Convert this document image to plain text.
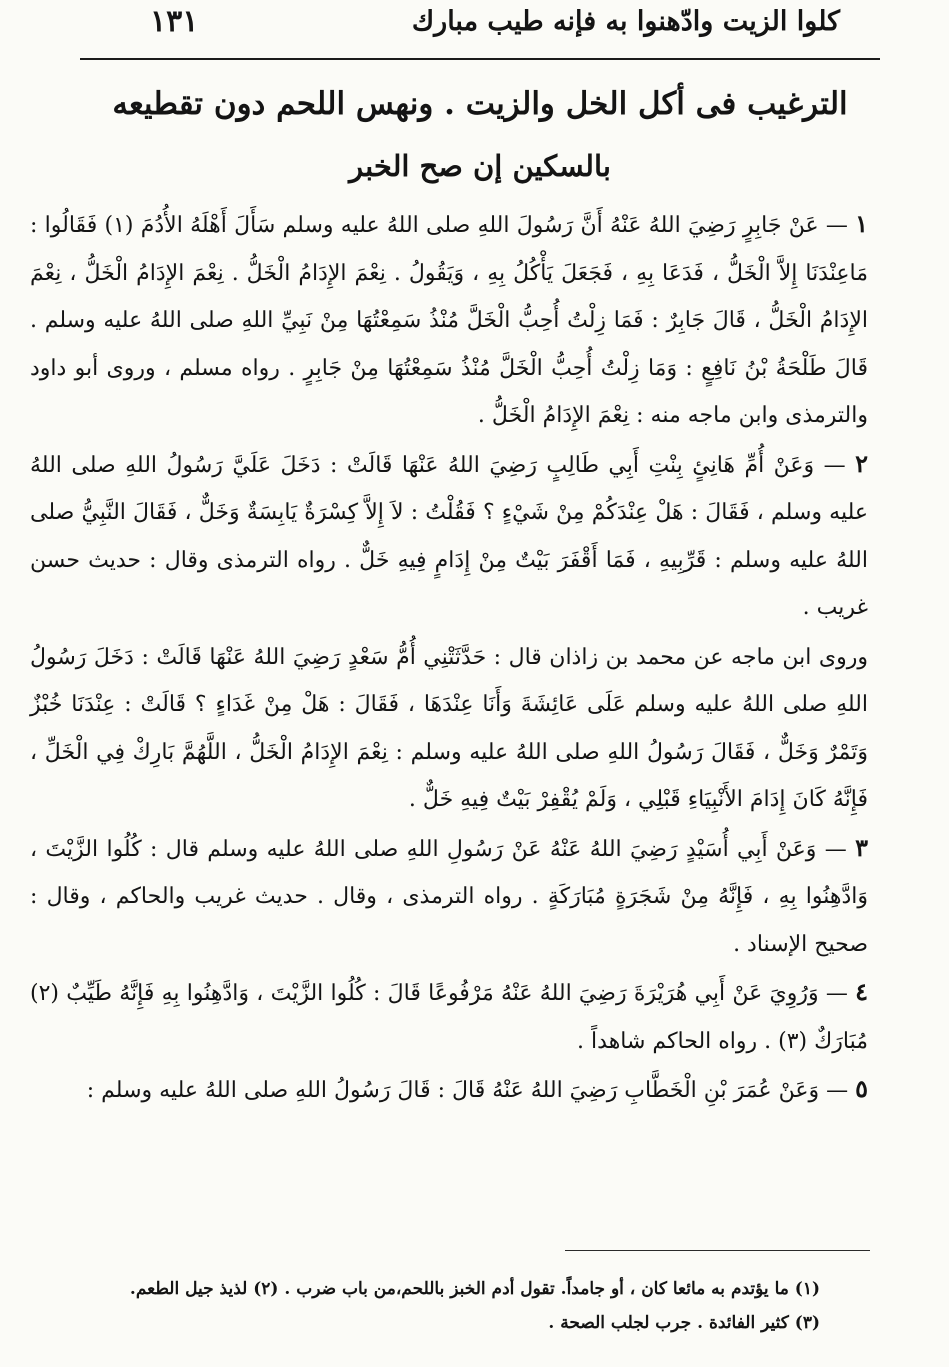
كلوا الزيت وادّهنوا به فإنه طيب مبارك
١٣١
الترغيب فى أكل الخل والزيت . ونهس اللحم دون تقطيعه
بالسكين إن صح الخبر

١ — عَنْ جَابِرٍ رَضِيَ اللهُ عَنْهُ أَنَّ رَسُولَ اللهِ صلى اللهُ عليه وسلم سَأَلَ أَهْلَهُ الأُدُمَ (١) فَقَالُوا : مَاعِنْدَنَا إِلاَّ الْخَلُّ ، فَدَعَا بِهِ ، فَجَعَلَ يَأْكُلُ بِهِ ، وَيَقُولُ . نِعْمَ الإِدَامُ الْخَلُّ . نِعْمَ الإِدَامُ الْخَلُّ ، نِعْمَ الإِدَامُ الْخَلُّ ، قَالَ جَابِرٌ : فَمَا زِلْتُ أُحِبُّ الْخَلَّ مُنْذُ سَمِعْتُهَا مِنْ نَبِيِّ اللهِ صلى اللهُ عليه وسلم . قَالَ طَلْحَةُ بْنُ نَافِعٍ : وَمَا زِلْتُ أُحِبُّ الْخَلَّ مُنْذُ سَمِعْتُهَا مِنْ جَابِرٍ . رواه مسلم ، وروى أبو داود والترمذى وابن ماجه منه : نِعْمَ الإِدَامُ الْخَلُّ .

٢ — وَعَنْ أُمِّ هَانِئٍ بِنْتِ أَبِي طَالِبٍ رَضِيَ اللهُ عَنْهَا قَالَتْ : دَخَلَ عَلَيَّ رَسُولُ اللهِ صلى اللهُ عليه وسلم ، فَقَالَ : هَلْ عِنْدَكُمْ مِنْ شَيْءٍ ؟ فَقُلْتُ : لاَ إِلاَّ كِسْرَةٌ يَابِسَةٌ وَخَلٌّ ، فَقَالَ النَّبِيُّ صلى اللهُ عليه وسلم : قَرِّبِيهِ ، فَمَا أَقْفَرَ بَيْتٌ مِنْ إِدَامٍ فِيهِ خَلٌّ . رواه الترمذى وقال : حديث حسن غريب .

وروى ابن ماجه عن محمد بن زاذان قال : حَدَّثَتْنِي أُمُّ سَعْدٍ رَضِيَ اللهُ عَنْهَا قَالَتْ : دَخَلَ رَسُولُ اللهِ صلى اللهُ عليه وسلم عَلَى عَائِشَةَ وَأَنَا عِنْدَهَا ، فَقَالَ : هَلْ مِنْ غَدَاءٍ ؟ قَالَتْ : عِنْدَنَا خُبْزٌ وَتَمْرٌ وَخَلٌّ ، فَقَالَ رَسُولُ اللهِ صلى اللهُ عليه وسلم : نِعْمَ الإِدَامُ الْخَلُّ ، اللَّهُمَّ بَارِكْ فِي الْخَلِّ ، فَإِنَّهُ كَانَ إِدَامَ الأَنْبِيَاءِ قَبْلِي ، وَلَمْ يُقْفِرْ بَيْتٌ فِيهِ خَلٌّ .

٣ — وَعَنْ أَبِي أُسَيْدٍ رَضِيَ اللهُ عَنْهُ عَنْ رَسُولِ اللهِ صلى اللهُ عليه وسلم قال : كُلُوا الزَّيْتَ ، وَادَّهِنُوا بِهِ ، فَإِنَّهُ مِنْ شَجَرَةٍ مُبَارَكَةٍ . رواه الترمذى ، وقال . حديث غريب والحاكم ، وقال : صحيح الإسناد .

٤ — وَرُوِيَ عَنْ أَبِي هُرَيْرَةَ رَضِيَ اللهُ عَنْهُ مَرْفُوعًا قَالَ : كُلُوا الزَّيْتَ ، وَادَّهِنُوا بِهِ فَإِنَّهُ طَيِّبٌ (٢) مُبَارَكٌ (٣) . رواه الحاكم شاهداً .

٥ — وَعَنْ عُمَرَ بْنِ الْخَطَّابِ رَضِيَ اللهُ عَنْهُ قَالَ : قَالَ رَسُولُ اللهِ صلى اللهُ عليه وسلم :

(١) ما يؤتدم به مائعا كان ، أو جامداً. تقول أدم الخبز باللحم،من باب ضرب . (٢) لذيذ جيل الطعم.

(٣) كثير الفائدة . جرب لجلب الصحة .
